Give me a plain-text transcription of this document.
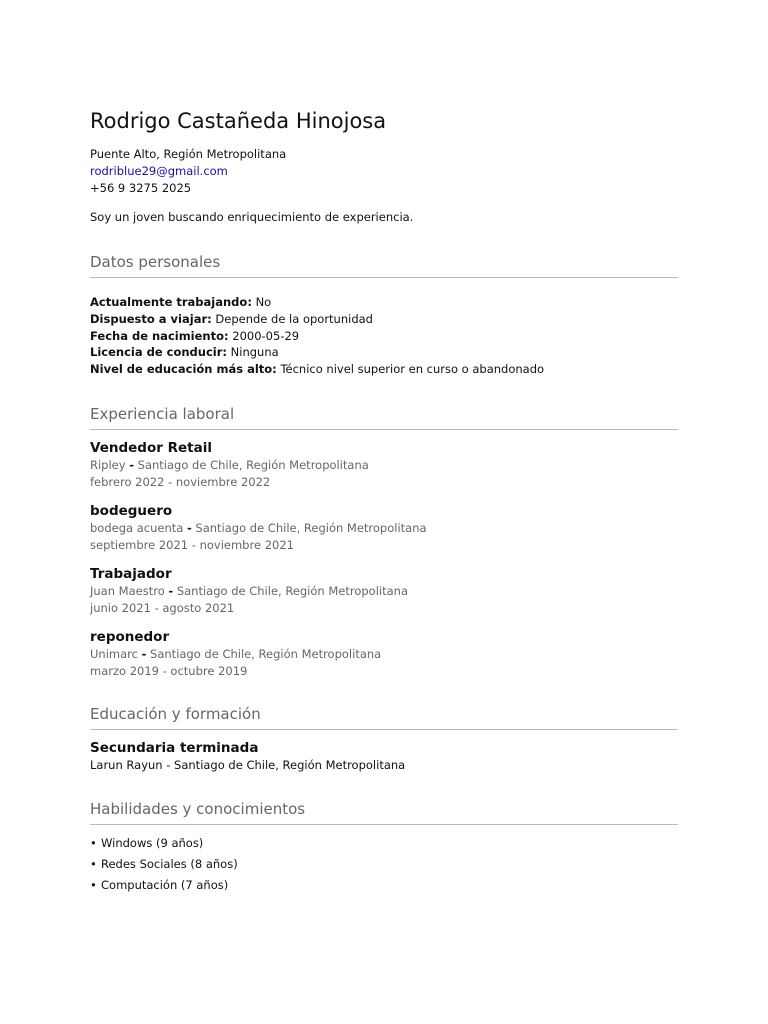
Rodrigo Castañeda Hinojosa
Puente Alto, Región Metropolitana
rodriblue29@gmail.com
+56 9 3275 2025
Soy un joven buscando enriquecimiento de experiencia.
Datos personales
Actualmente trabajando: No
Dispuesto a viajar: Depende de la oportunidad
Fecha de nacimiento: 2000-05-29
Licencia de conducir: Ninguna
Nivel de educación más alto: Técnico nivel superior en curso o abandonado
Experiencia laboral
Vendedor Retail
Ripley - Santiago de Chile, Región Metropolitana
febrero 2022 - noviembre 2022
bodeguero
bodega acuenta - Santiago de Chile, Región Metropolitana
septiembre 2021 - noviembre 2021
Trabajador
Juan Maestro - Santiago de Chile, Región Metropolitana
junio 2021 - agosto 2021
reponedor
Unimarc - Santiago de Chile, Región Metropolitana
marzo 2019 - octubre 2019
Educación y formación
Secundaria terminada
Larun Rayun - Santiago de Chile, Región Metropolitana
Habilidades y conocimientos
• Windows (9 años)
• Redes Sociales (8 años)
• Computación (7 años)
